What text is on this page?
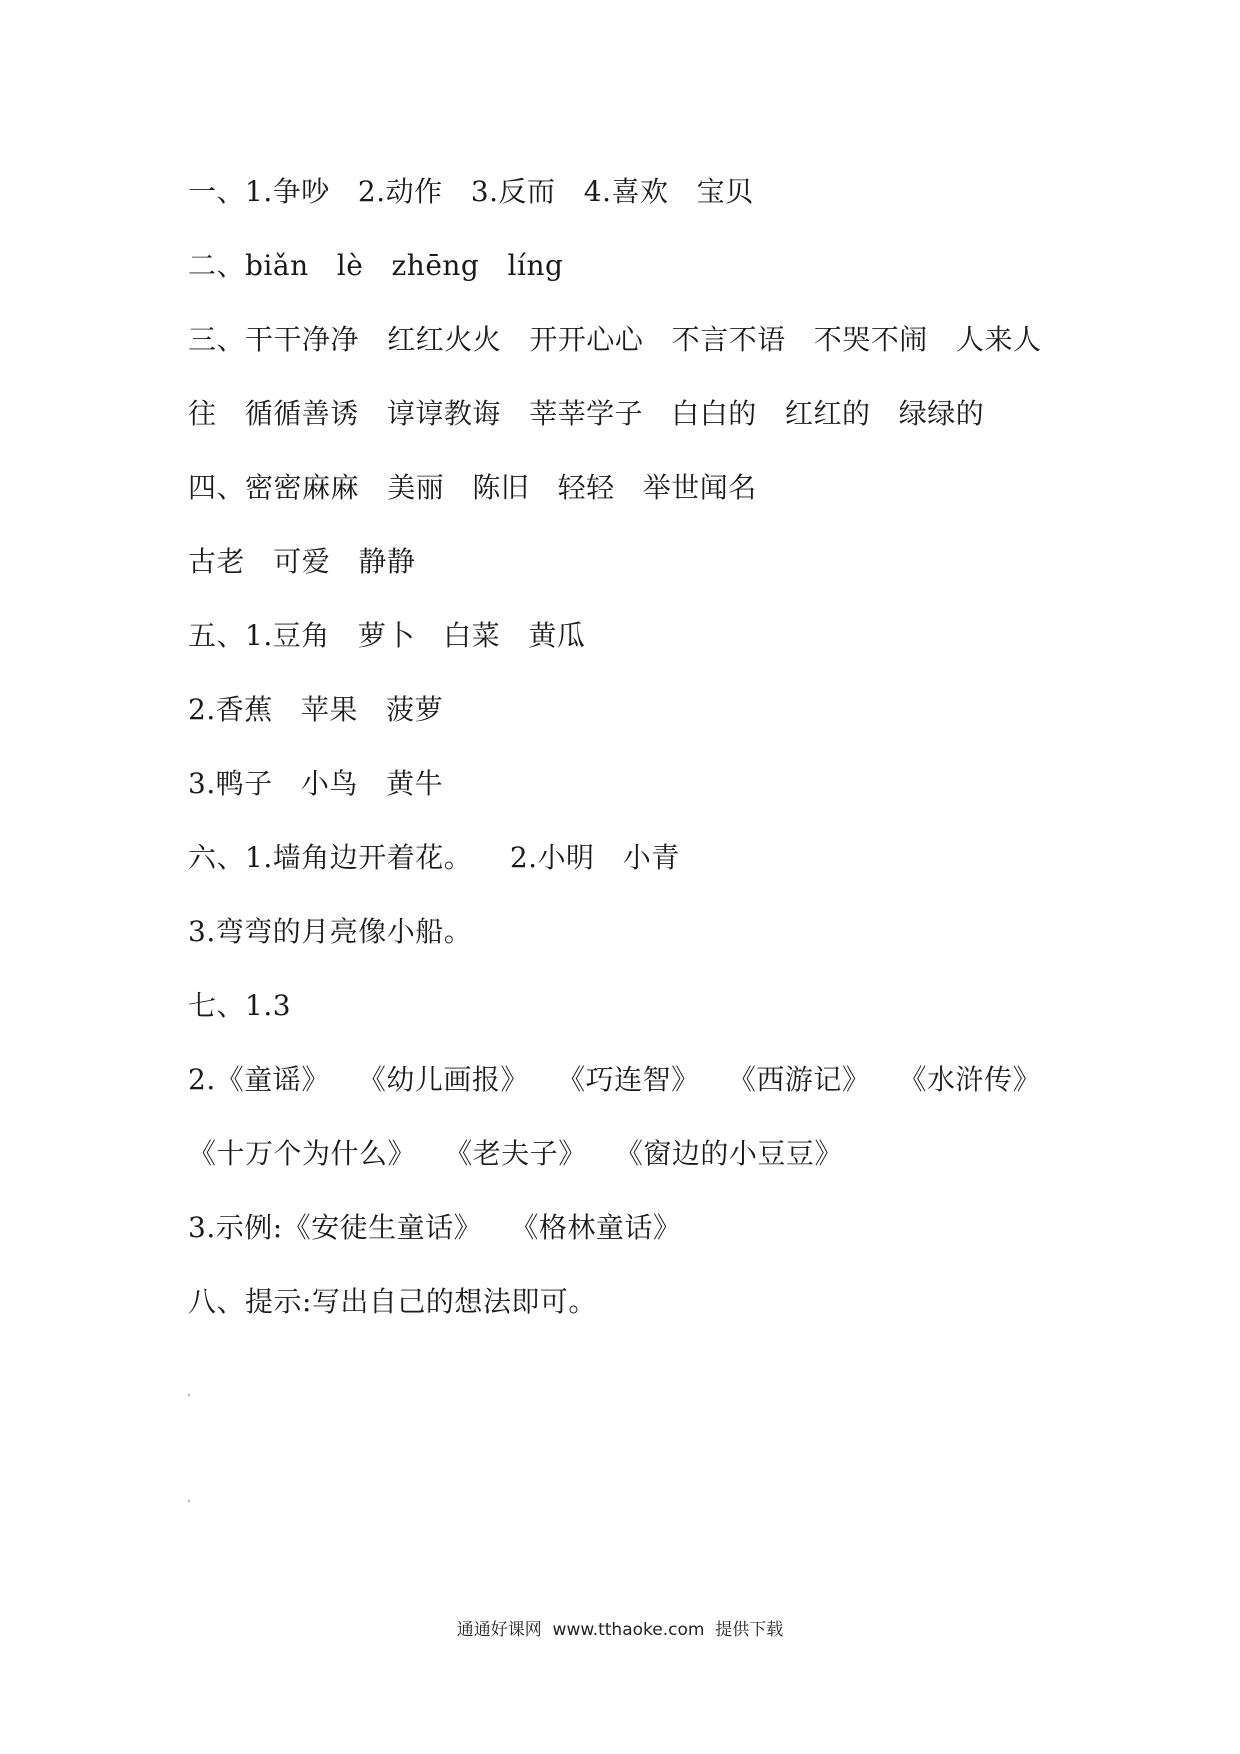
一、1.争吵   2.动作   3.反而   4.喜欢   宝贝
二、biǎn   lè   zhēng   líng
三、干干净净   红红火火   开开心心   不言不语   不哭不闹   人来人
往   循循善诱   谆谆教诲   莘莘学子   白白的   红红的   绿绿的
四、密密麻麻   美丽   陈旧   轻轻   举世闻名
古老   可爱   静静
五、1.豆角   萝卜   白菜   黄瓜
2.香蕉   苹果   菠萝
3.鸭子   小鸟   黄牛
六、1.墙角边开着花。    2.小明   小青
3.弯弯的月亮像小船。
七、1.3
2.《童谣》   《幼儿画报》   《巧连智》   《西游记》   《水浒传》
《十万个为什么》   《老夫子》   《窗边的小豆豆》
3.示例:《安徒生童话》   《格林童话》
八、提示:写出自己的想法即可。
通通好课网  www.tthaoke.com  提供下载
